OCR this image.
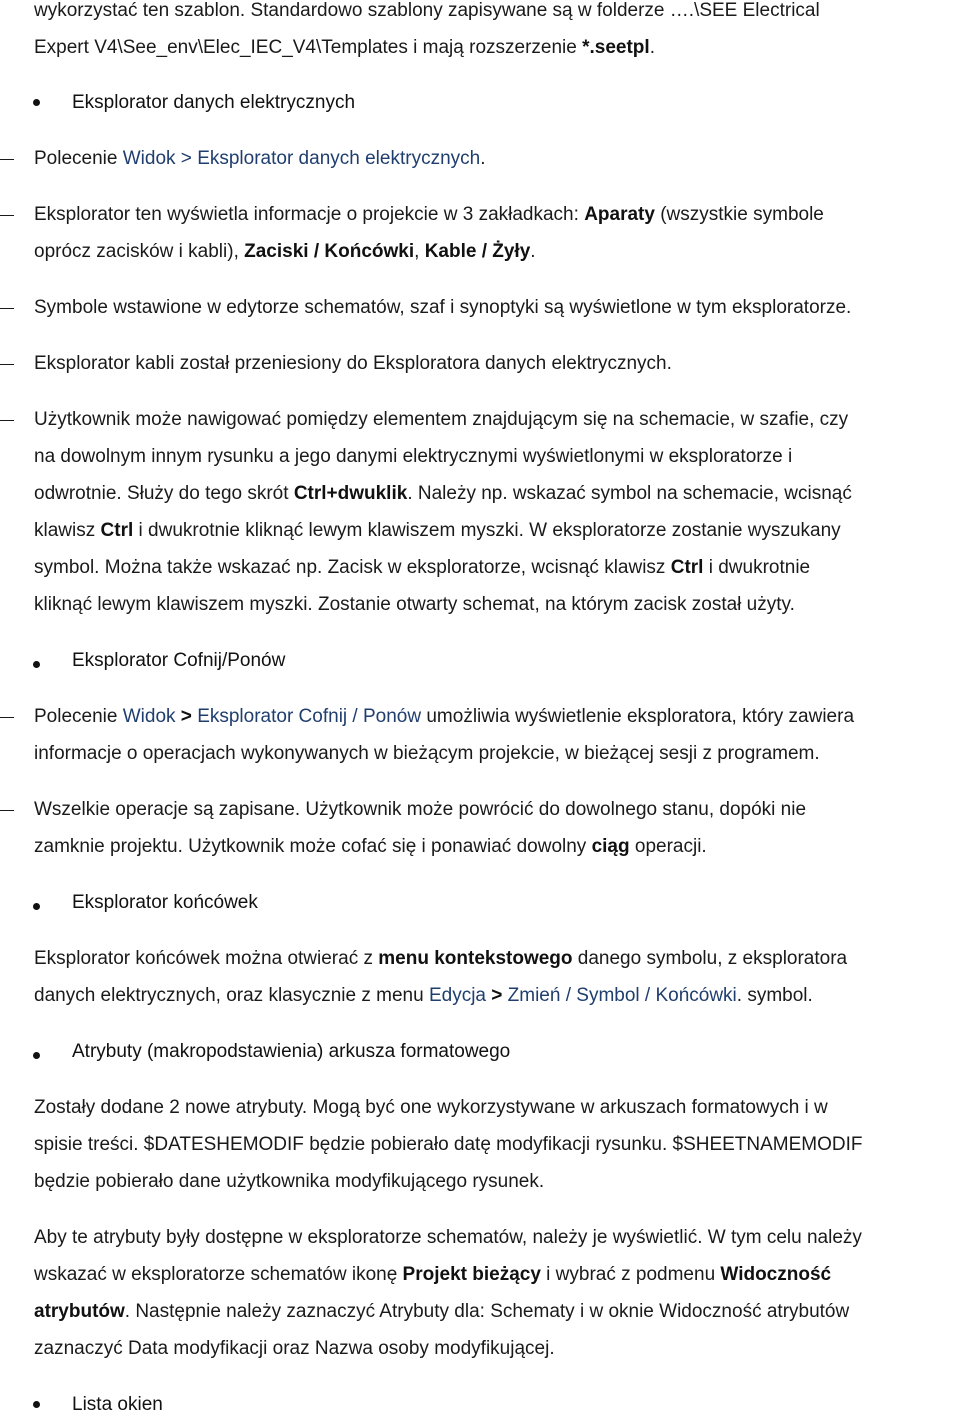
wykorzystać ten szablon. Standardowo szablony zapisywane są w folderze ….\SEE Electrical

Expert V4\See_env\Elec_IEC_V4\Templates i mają rozszerzenie *.seetpl.

Eksplorator danych elektrycznych

Polecenie Widok > Eksplorator danych elektrycznych.

Eksplorator ten wyświetla informacje o projekcie w 3 zakładkach: Aparaty (wszystkie symbole

oprócz zacisków i kabli), Zaciski / Końcówki, Kable / Żyły.

Symbole wstawione w edytorze schematów, szaf i synoptyki są wyświetlone w tym eksploratorze.

Eksplorator kabli został przeniesiony do Eksploratora danych elektrycznych.

Użytkownik może nawigować pomiędzy elementem znajdującym się na schemacie, w szafie, czy

na dowolnym innym rysunku a jego danymi elektrycznymi wyświetlonymi w eksploratorze i

odwrotnie. Służy do tego skrót Ctrl+dwuklik. Należy np. wskazać symbol na schemacie, wcisnąć

klawisz Ctrl i dwukrotnie kliknąć lewym klawiszem myszki. W eksploratorze zostanie wyszukany

symbol. Można także wskazać np. Zacisk w eksploratorze, wcisnąć klawisz Ctrl i dwukrotnie

kliknąć lewym klawiszem myszki. Zostanie otwarty schemat, na którym zacisk został użyty.

Eksplorator Cofnij/Ponów

Polecenie Widok > Eksplorator Cofnij / Ponów umożliwia wyświetlenie eksploratora, który zawiera

informacje o operacjach wykonywanych w bieżącym projekcie, w bieżącej sesji z programem.

Wszelkie operacje są zapisane. Użytkownik może powrócić do dowolnego stanu, dopóki nie

zamknie projektu. Użytkownik może cofać się i ponawiać dowolny ciąg operacji.

Eksplorator końcówek

Eksplorator końcówek można otwierać z menu kontekstowego danego symbolu, z eksploratora

danych elektrycznych, oraz klasycznie z menu Edycja > Zmień / Symbol / Końcówki. symbol.

Atrybuty (makropodstawienia) arkusza formatowego

Zostały dodane 2 nowe atrybuty. Mogą być one wykorzystywane w arkuszach formatowych i w

spisie treści. $DATESHEMODIF będzie pobierało datę modyfikacji rysunku. $SHEETNAMEMODIF

będzie pobierało dane użytkownika modyfikującego rysunek.

Aby te atrybuty były dostępne w eksploratorze schematów, należy je wyświetlić. W tym celu należy

wskazać w eksploratorze schematów ikonę Projekt bieżący i wybrać z podmenu Widoczność

atrybutów. Następnie należy zaznaczyć Atrybuty dla: Schematy i w oknie Widoczność atrybutów

zaznaczyć Data modyfikacji oraz Nazwa osoby modyfikującej.

Lista okien
